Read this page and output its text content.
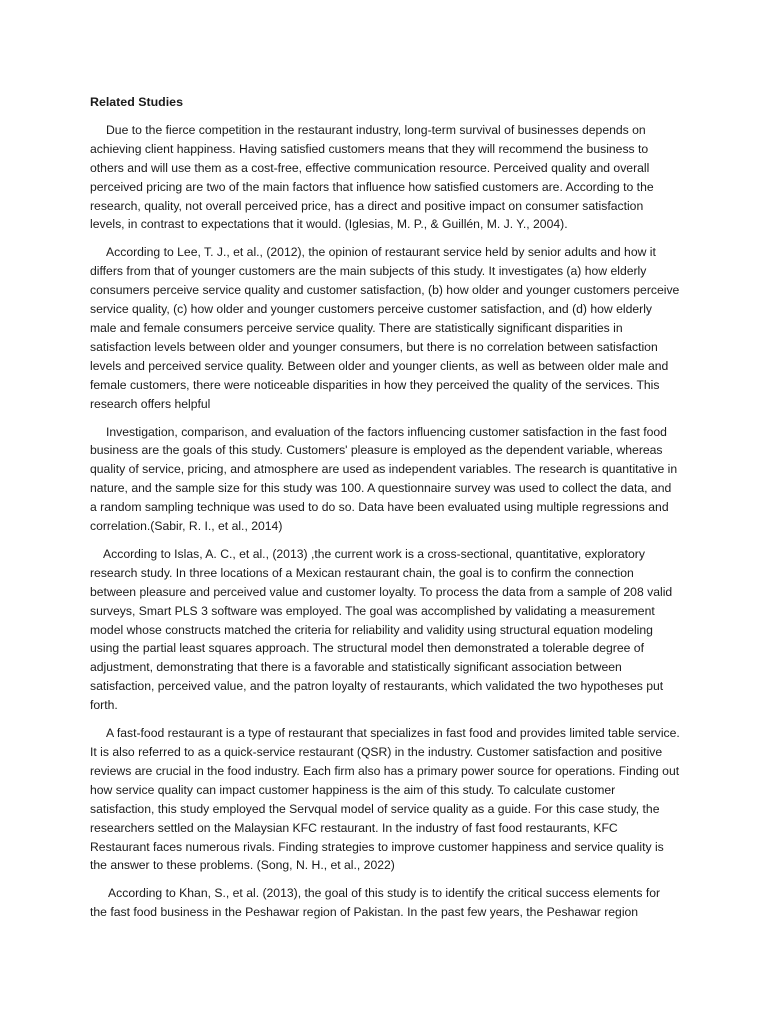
Related Studies

Due to the fierce competition in the restaurant industry, long-term survival of businesses depends on achieving client happiness. Having satisfied customers means that they will recommend the business to others and will use them as a cost-free, effective communication resource. Perceived quality and overall perceived pricing are two of the main factors that influence how satisfied customers are. According to the research, quality, not overall perceived price, has a direct and positive impact on consumer satisfaction levels, in contrast to expectations that it would. (Iglesias, M. P., & Guillén, M. J. Y., 2004).

According to Lee, T. J., et al., (2012), the opinion of restaurant service held by senior adults and how it differs from that of younger customers are the main subjects of this study. It investigates (a) how elderly consumers perceive service quality and customer satisfaction, (b) how older and younger customers perceive service quality, (c) how older and younger customers perceive customer satisfaction, and (d) how elderly male and female consumers perceive service quality. There are statistically significant disparities in satisfaction levels between older and younger consumers, but there is no correlation between satisfaction levels and perceived service quality. Between older and younger clients, as well as between older male and female customers, there were noticeable disparities in how they perceived the quality of the services. This research offers helpful

Investigation, comparison, and evaluation of the factors influencing customer satisfaction in the fast food business are the goals of this study. Customers' pleasure is employed as the dependent variable, whereas quality of service, pricing, and atmosphere are used as independent variables. The research is quantitative in nature, and the sample size for this study was 100. A questionnaire survey was used to collect the data, and a random sampling technique was used to do so. Data have been evaluated using multiple regressions and correlation.(Sabir, R. I., et al., 2014)

According to Islas, A. C., et al., (2013) ,the current work is a cross-sectional, quantitative, exploratory research study. In three locations of a Mexican restaurant chain, the goal is to confirm the connection between pleasure and perceived value and customer loyalty. To process the data from a sample of 208 valid surveys, Smart PLS 3 software was employed. The goal was accomplished by validating a measurement model whose constructs matched the criteria for reliability and validity using structural equation modeling using the partial least squares approach. The structural model then demonstrated a tolerable degree of adjustment, demonstrating that there is a favorable and statistically significant association between satisfaction, perceived value, and the patron loyalty of restaurants, which validated the two hypotheses put forth.

A fast-food restaurant is a type of restaurant that specializes in fast food and provides limited table service. It is also referred to as a quick-service restaurant (QSR) in the industry. Customer satisfaction and positive reviews are crucial in the food industry. Each firm also has a primary power source for operations. Finding out how service quality can impact customer happiness is the aim of this study. To calculate customer satisfaction, this study employed the Servqual model of service quality as a guide. For this case study, the researchers settled on the Malaysian KFC restaurant. In the industry of fast food restaurants, KFC Restaurant faces numerous rivals. Finding strategies to improve customer happiness and service quality is the answer to these problems. (Song, N. H., et al., 2022)

According to Khan, S., et al. (2013), the goal of this study is to identify the critical success elements for the fast food business in the Peshawar region of Pakistan. In the past few years, the Peshawar region
